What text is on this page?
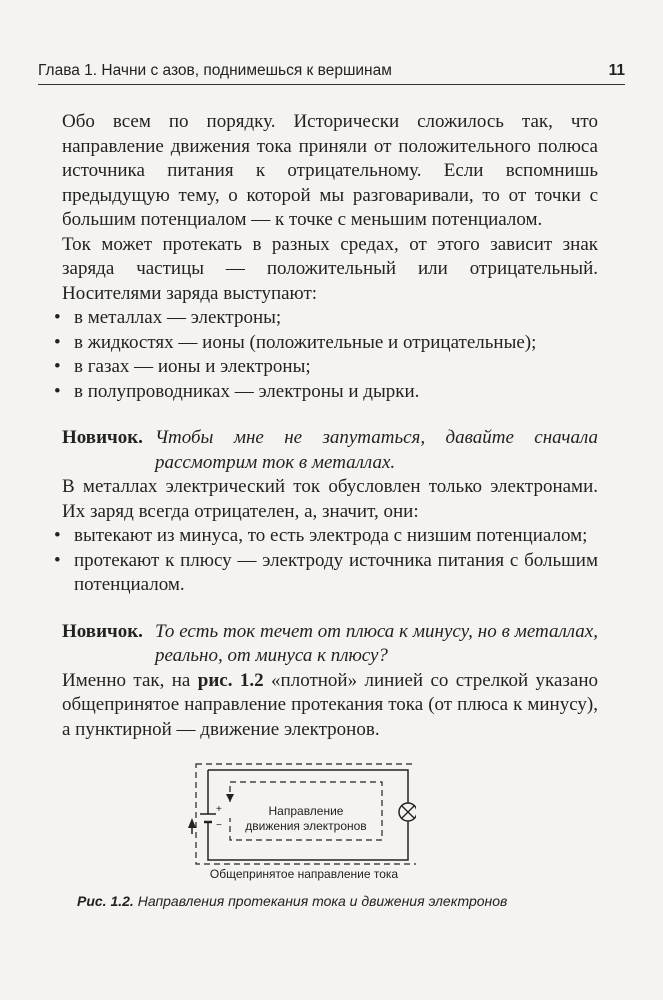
Глава 1. Начни с азов, поднимешься к вершинам	11

Обо всем по порядку. Исторически сложилось так, что направление движения тока приняли от положительного полюса источника питания к отрицательному. Если вспомнишь предыдущую тему, о которой мы разговаривали, то от точки с большим потенциалом — к точке с меньшим потенциалом.

Ток может протекать в разных средах, от этого зависит знак заряда частицы — положительный или отрицательный. Носителями заряда выступают:

• в металлах — электроны;
• в жидкостях — ионы (положительные и отрицательные);
• в газах — ионы и электроны;
• в полупроводниках — электроны и дырки.
Новичок. Чтобы мне не запутаться, давайте сначала рассмотрим ток в металлах.

В металлах электрический ток обусловлен только электронами. Их заряд всегда отрицателен, а, значит, они:

• вытекают из минуса, то есть электрода с низшим потенциалом;
• протекают к плюсу — электроду источника питания с большим потенциалом.
Новичок. То есть ток течет от плюса к минусу, но в металлах, реально, от минуса к плюсу?

Именно так, на рис. 1.2 «плотной» линией со стрелкой указано общепринятое направление протекания тока (от плюса к минусу), а пунктирной — движение электронов.

+
−
Направление
движения электронов
Общепринятое направление тока
Рис. 1.2. Направления протекания тока и движения электронов
